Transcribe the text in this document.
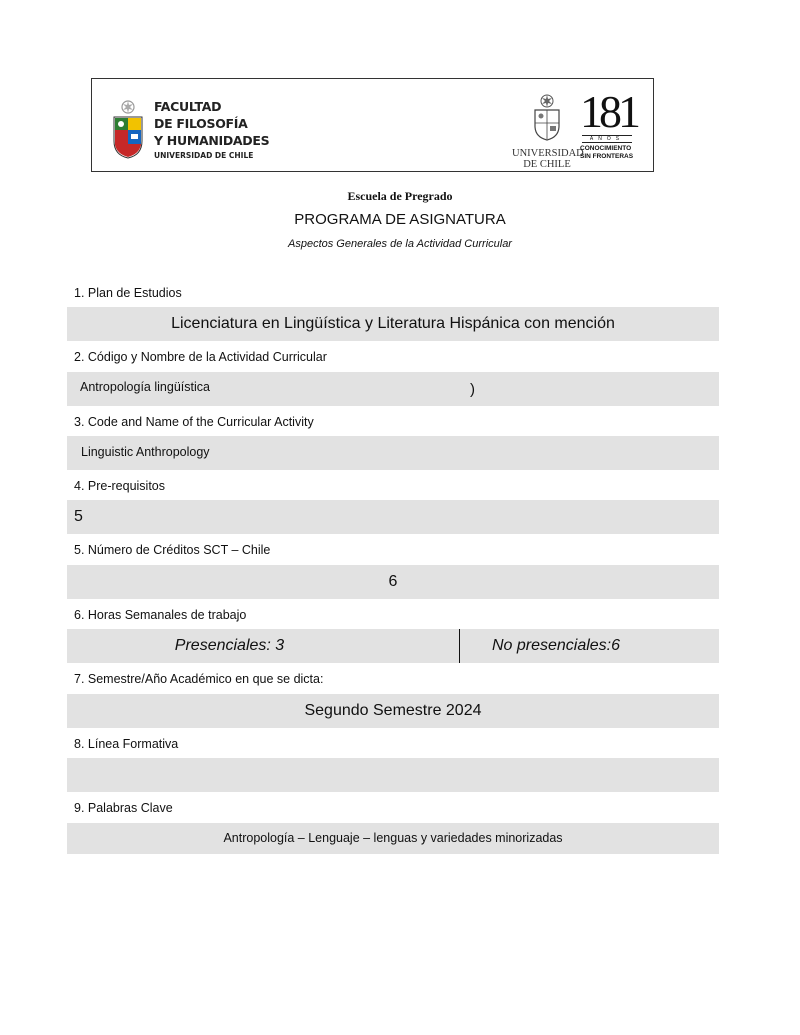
FACULTAD
DE FILOSOFÍA
Y HUMANIDADES
UNIVERSIDAD DE CHILE	UNIVERSIDAD
DE CHILE
181
AÑOS
CONOCIMIENTO
SIN FRONTERAS
Escuela de Pregrado
PROGRAMA DE ASIGNATURA
Aspectos Generales de la Actividad Curricular
1. Plan de Estudios
Licenciatura en Lingüística y Literatura Hispánica con mención
2. Código y Nombre de la Actividad Curricular
Antropología lingüística	)
3. Code and Name of the Curricular Activity
Linguistic Anthropology
4. Pre-requisitos
5
5. Número de Créditos SCT – Chile
6
6. Horas Semanales de trabajo
Presenciales: 3	No presenciales:6
7. Semestre/Año Académico en que se dicta:
Segundo Semestre 2024
8. Línea Formativa
9. Palabras Clave
Antropología – Lenguaje – lenguas y variedades minorizadas
